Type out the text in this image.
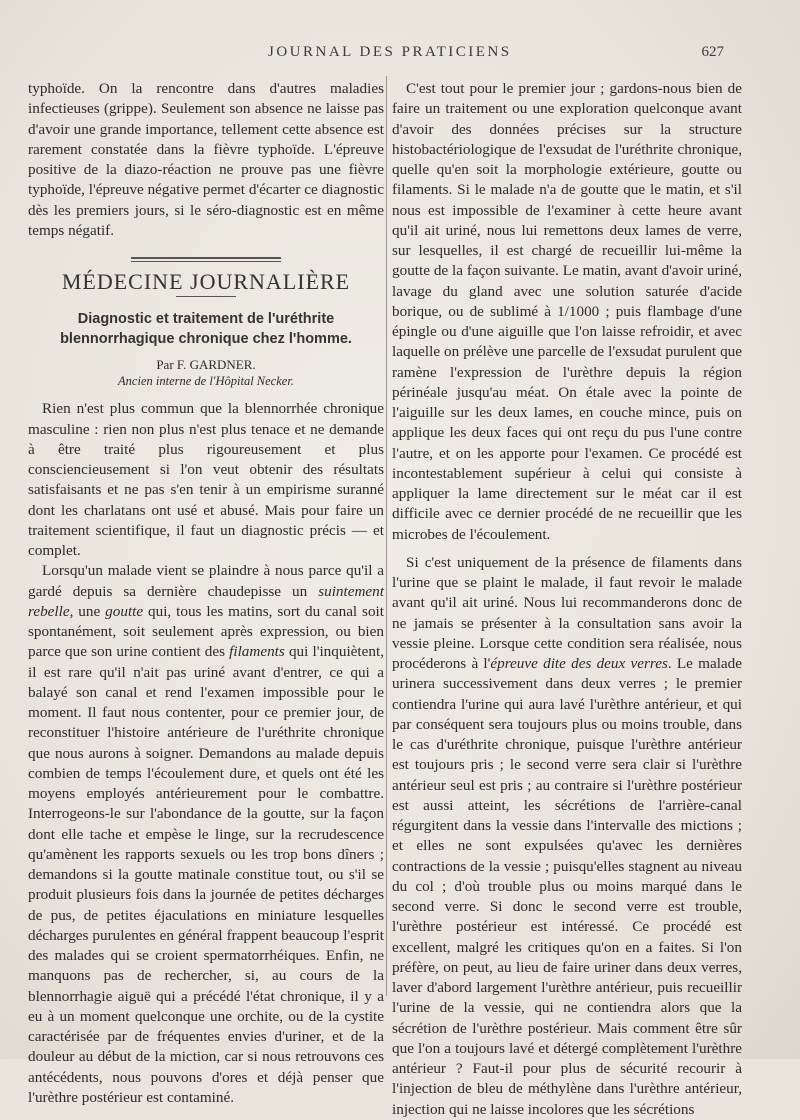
JOURNAL DES PRATICIENS	627

typhoïde. On la rencontre dans d'autres maladies infectieuses (grippe). Seulement son absence ne laisse pas d'avoir une grande importance, tellement cette absence est rarement constatée dans la fièvre typhoïde. L'épreuve positive de la diazo-réaction ne prouve pas une fièvre typhoïde, l'épreuve négative permet d'écarter ce diagnostic dès les premiers jours, si le séro-diagnostic est en même temps négatif.

MÉDECINE JOURNALIÈRE
Diagnostic et traitement de l'uréthrite blennorrhagique chronique chez l'homme.
Par F. GARDNER.
Ancien interne de l'Hôpital Necker.

Rien n'est plus commun que la blennorrhée chronique masculine : rien non plus n'est plus tenace et ne demande à être traité plus rigoureusement et plus consciencieusement si l'on veut obtenir des résultats satisfaisants et ne pas s'en tenir à un empirisme suranné dont les charlatans ont usé et abusé. Mais pour faire un traitement scientifique, il faut un diagnostic précis — et complet.

Lorsqu'un malade vient se plaindre à nous parce qu'il a gardé depuis sa dernière chaudepisse un suintement rebelle, une goutte qui, tous les matins, sort du canal soit spontanément, soit seulement après expression, ou bien parce que son urine contient des filaments qui l'inquiètent, il est rare qu'il n'ait pas uriné avant d'entrer, ce qui a balayé son canal et rend l'examen impossible pour le moment. Il faut nous contenter, pour ce premier jour, de reconstituer l'histoire antérieure de l'uréthrite chronique que nous aurons à soigner. Demandons au malade depuis combien de temps l'écoulement dure, et quels ont été les moyens employés antérieurement pour le combattre. Interrogeons-le sur l'abondance de la goutte, sur la façon dont elle tache et empèse le linge, sur la recrudescence qu'amènent les rapports sexuels ou les trop bons dîners ; demandons si la goutte matinale constitue tout, ou s'il se produit plusieurs fois dans la journée de petites décharges de pus, de petites éjaculations en miniature lesquelles décharges purulentes en général frappent beaucoup l'esprit des malades qui se croient spermatorrhéiques. Enfin, ne manquons pas de rechercher, si, au cours de la blennorrhagie aiguë qui a précédé l'état chronique, il y a eu à un moment quelconque une orchite, ou de la cystite caractérisée par de fréquentes envies d'uriner, et de la douleur au début de la miction, car si nous retrouvons ces antécédents, nous pouvons d'ores et déjà penser que l'urèthre postérieur est contaminé.

C'est tout pour le premier jour ; gardons-nous bien de faire un traitement ou une exploration quelconque avant d'avoir des données précises sur la structure histobactériologique de l'exsudat de l'uréthrite chronique, quelle qu'en soit la morphologie extérieure, goutte ou filaments. Si le malade n'a de goutte que le matin, et s'il nous est impossible de l'examiner à cette heure avant qu'il ait uriné, nous lui remettons deux lames de verre, sur lesquelles, il est chargé de recueillir lui-même la goutte de la façon suivante. Le matin, avant d'avoir uriné, lavage du gland avec une solution saturée d'acide borique, ou de sublimé à 1/1000 ; puis flambage d'une épingle ou d'une aiguille que l'on laisse refroidir, et avec laquelle on prélève une parcelle de l'exsudat purulent que ramène l'expression de l'urèthre depuis la région périnéale jusqu'au méat. On étale avec la pointe de l'aiguille sur les deux lames, en couche mince, puis on applique les deux faces qui ont reçu du pus l'une contre l'autre, et on les apporte pour l'examen. Ce procédé est incontestablement supérieur à celui qui consiste à appliquer la lame directement sur le méat car il est difficile avec ce dernier procédé de ne recueillir que les microbes de l'écoulement.

Si c'est uniquement de la présence de filaments dans l'urine que se plaint le malade, il faut revoir le malade avant qu'il ait uriné. Nous lui recommanderons donc de ne jamais se présenter à la consultation sans avoir la vessie pleine. Lorsque cette condition sera réalisée, nous procéderons à l'épreuve dite des deux verres. Le malade urinera successivement dans deux verres ; le premier contiendra l'urine qui aura lavé l'urèthre antérieur, et qui par conséquent sera toujours plus ou moins trouble, dans le cas d'uréthrite chronique, puisque l'urèthre antérieur est toujours pris ; le second verre sera clair si l'urèthre antérieur seul est pris ; au contraire si l'urèthre postérieur est aussi atteint, les sécrétions de l'arrière-canal régurgitent dans la vessie dans l'intervalle des mictions ; et elles ne sont expulsées qu'avec les dernières contractions de la vessie ; puisqu'elles stagnent au niveau du col ; d'où trouble plus ou moins marqué dans le second verre. Si donc le second verre est trouble, l'urèthre postérieur est intéressé. Ce procédé est excellent, malgré les critiques qu'on en a faites. Si l'on préfère, on peut, au lieu de faire uriner dans deux verres, laver d'abord largement l'urèthre antérieur, puis recueillir l'urine de la vessie, qui ne contiendra alors que la sécrétion de l'urèthre postérieur. Mais comment être sûr que l'on a toujours lavé et détergé complètement l'urèthre antérieur ? Faut-il pour plus de sécurité recourir à l'injection de bleu de méthylène dans l'urèthre antérieur, injection qui ne laisse incolores que les sécrétions
